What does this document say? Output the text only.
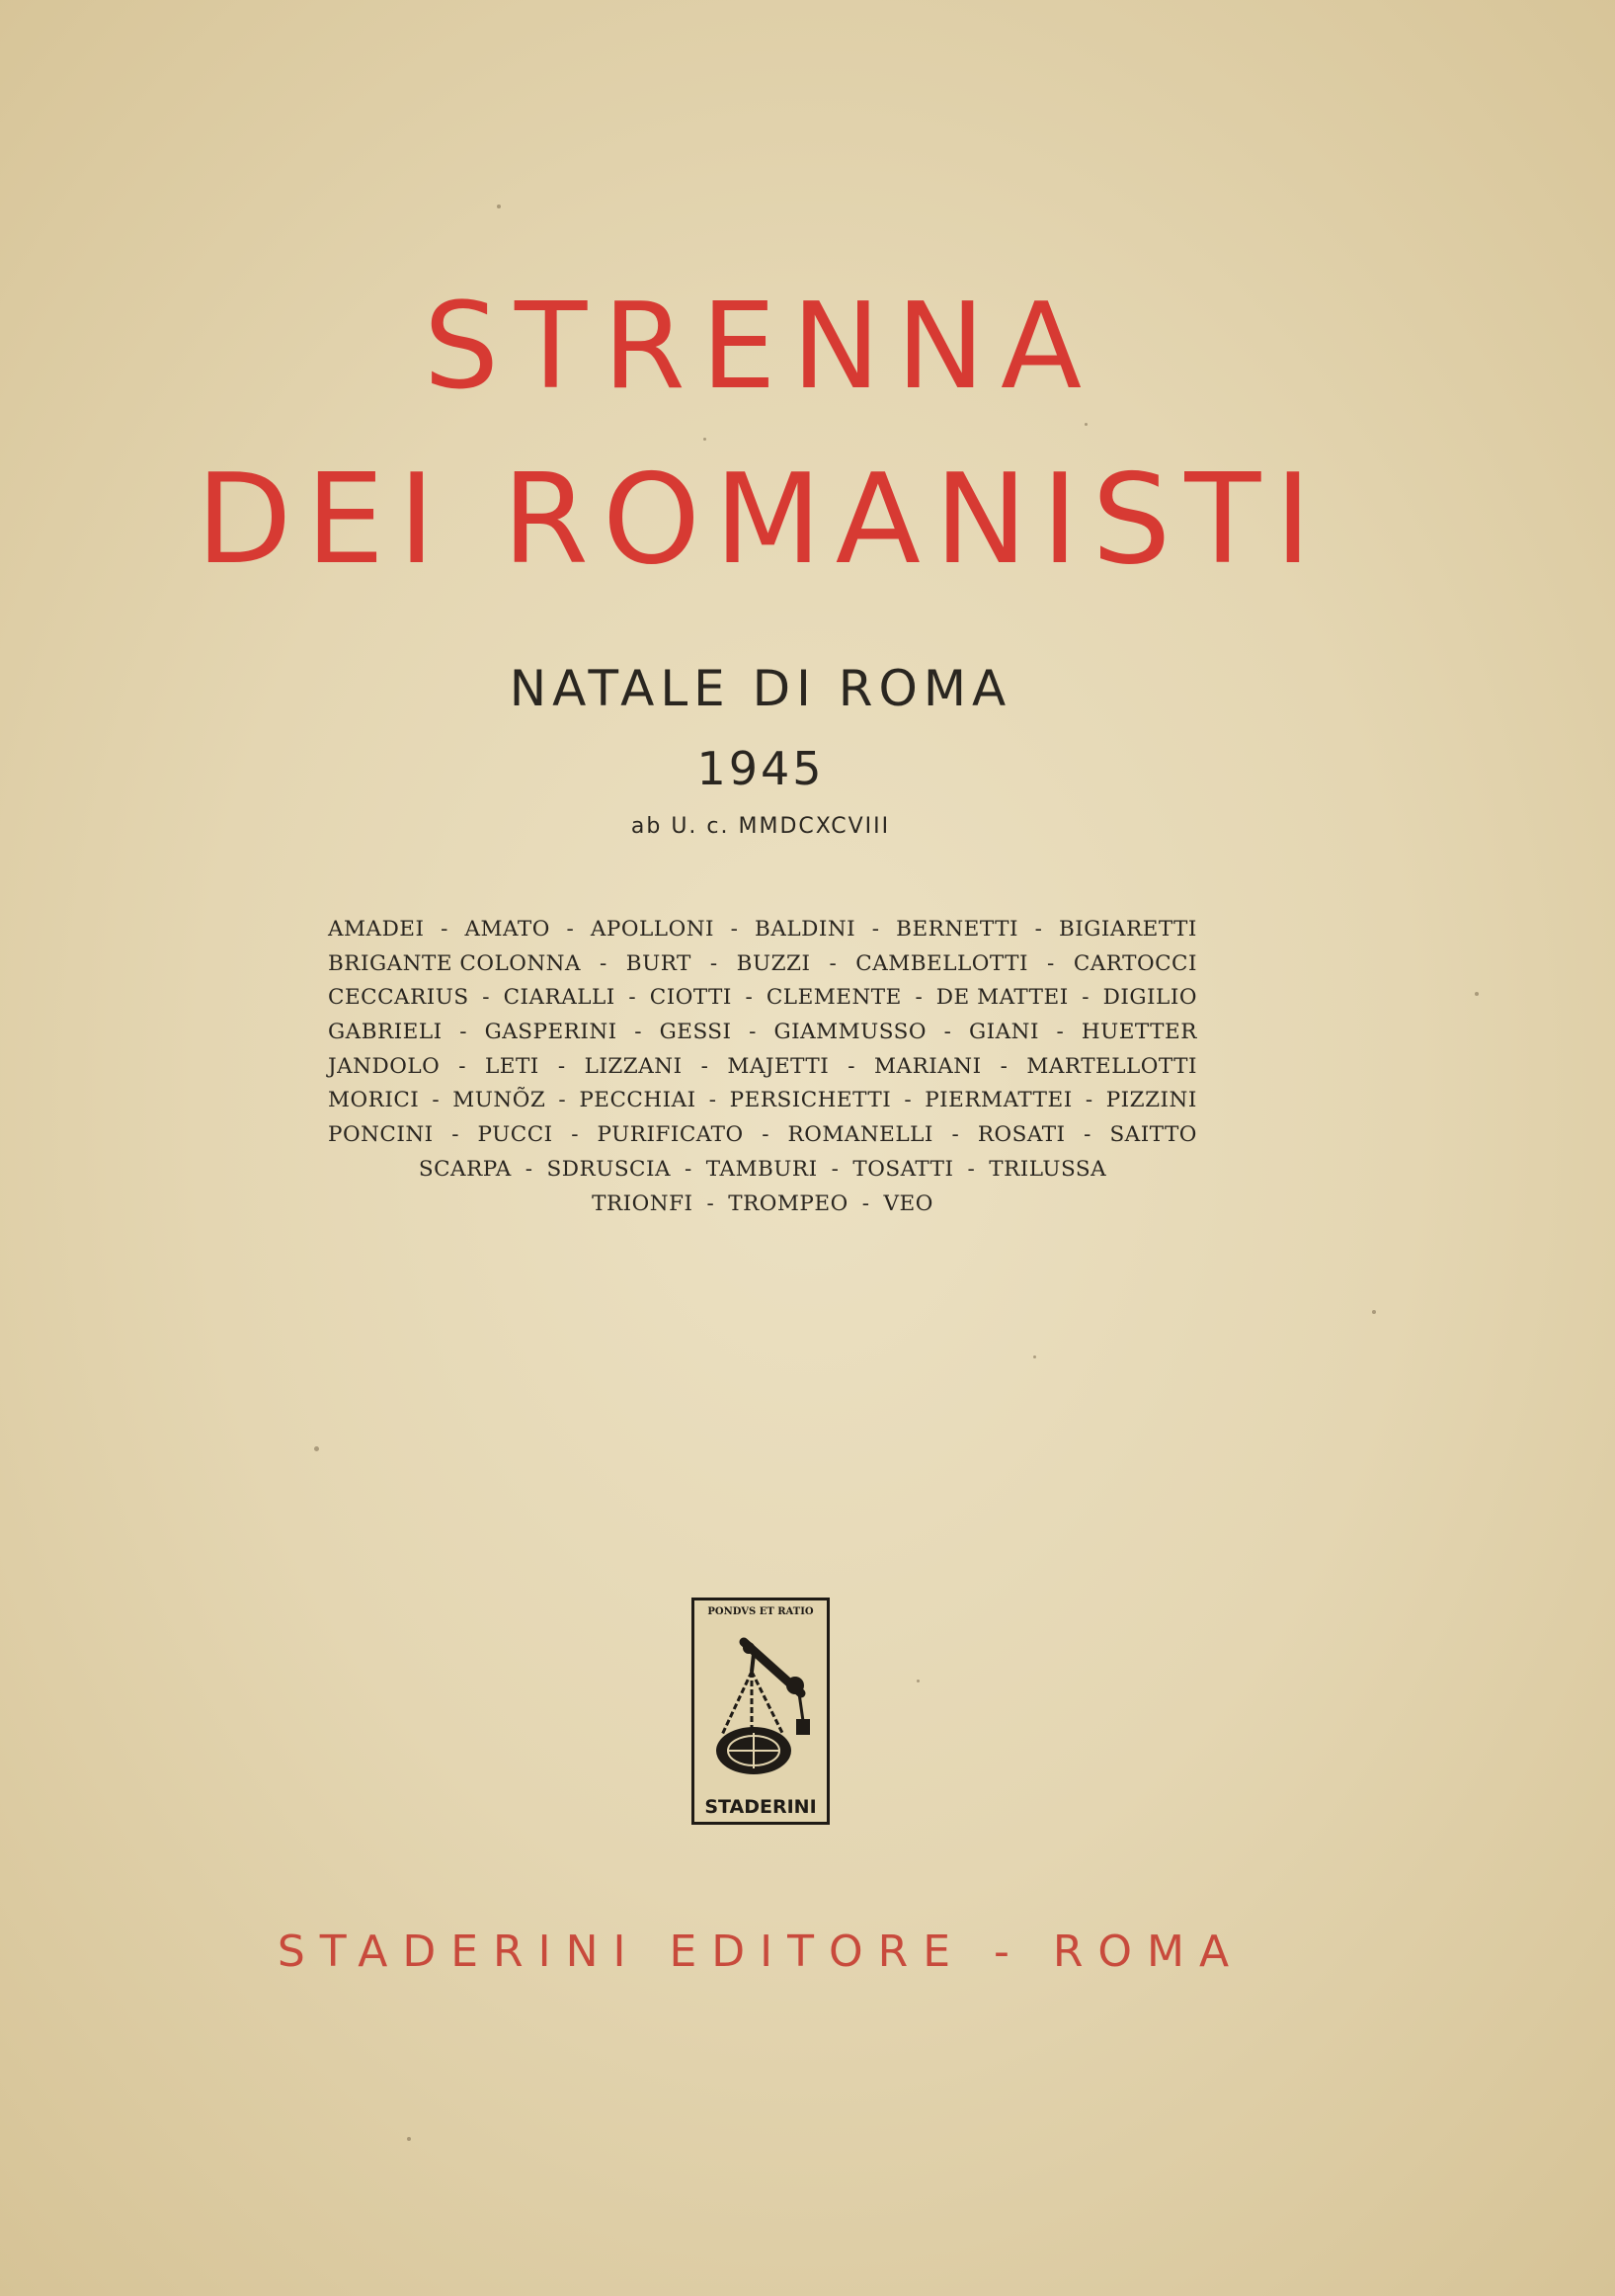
STRENNA
DEI ROMANISTI

NATALE DI ROMA

1945

ab U. c. MMDCXCVIII

AMADEI - AMATO - APOLLONI - BALDINI - BERNETTI - BIGIARETTI
BRIGANTE COLONNA - BURT - BUZZI - CAMBELLOTTI - CARTOCCI
CECCARIUS - CIARALLI - CIOTTI - CLEMENTE - DE MATTEI - DIGILIO
GABRIELI - GASPERINI - GESSI - GIAMMUSSO - GIANI - HUETTER
JANDOLO - LETI - LIZZANI - MAJETTI - MARIANI - MARTELLOTTI
MORICI - MUNÕZ - PECCHIAI - PERSICHETTI - PIERMATTEI - PIZZINI
PONCINI - PUCCI - PURIFICATO - ROMANELLI - ROSATI - SAITTO
SCARPA - SDRUSCIA - TAMBURI - TOSATTI - TRILUSSA
TRIONFI - TROMPEO - VEO
PONDVS ET RATIO
STADERINI

STADERINI EDITORE - ROMA
